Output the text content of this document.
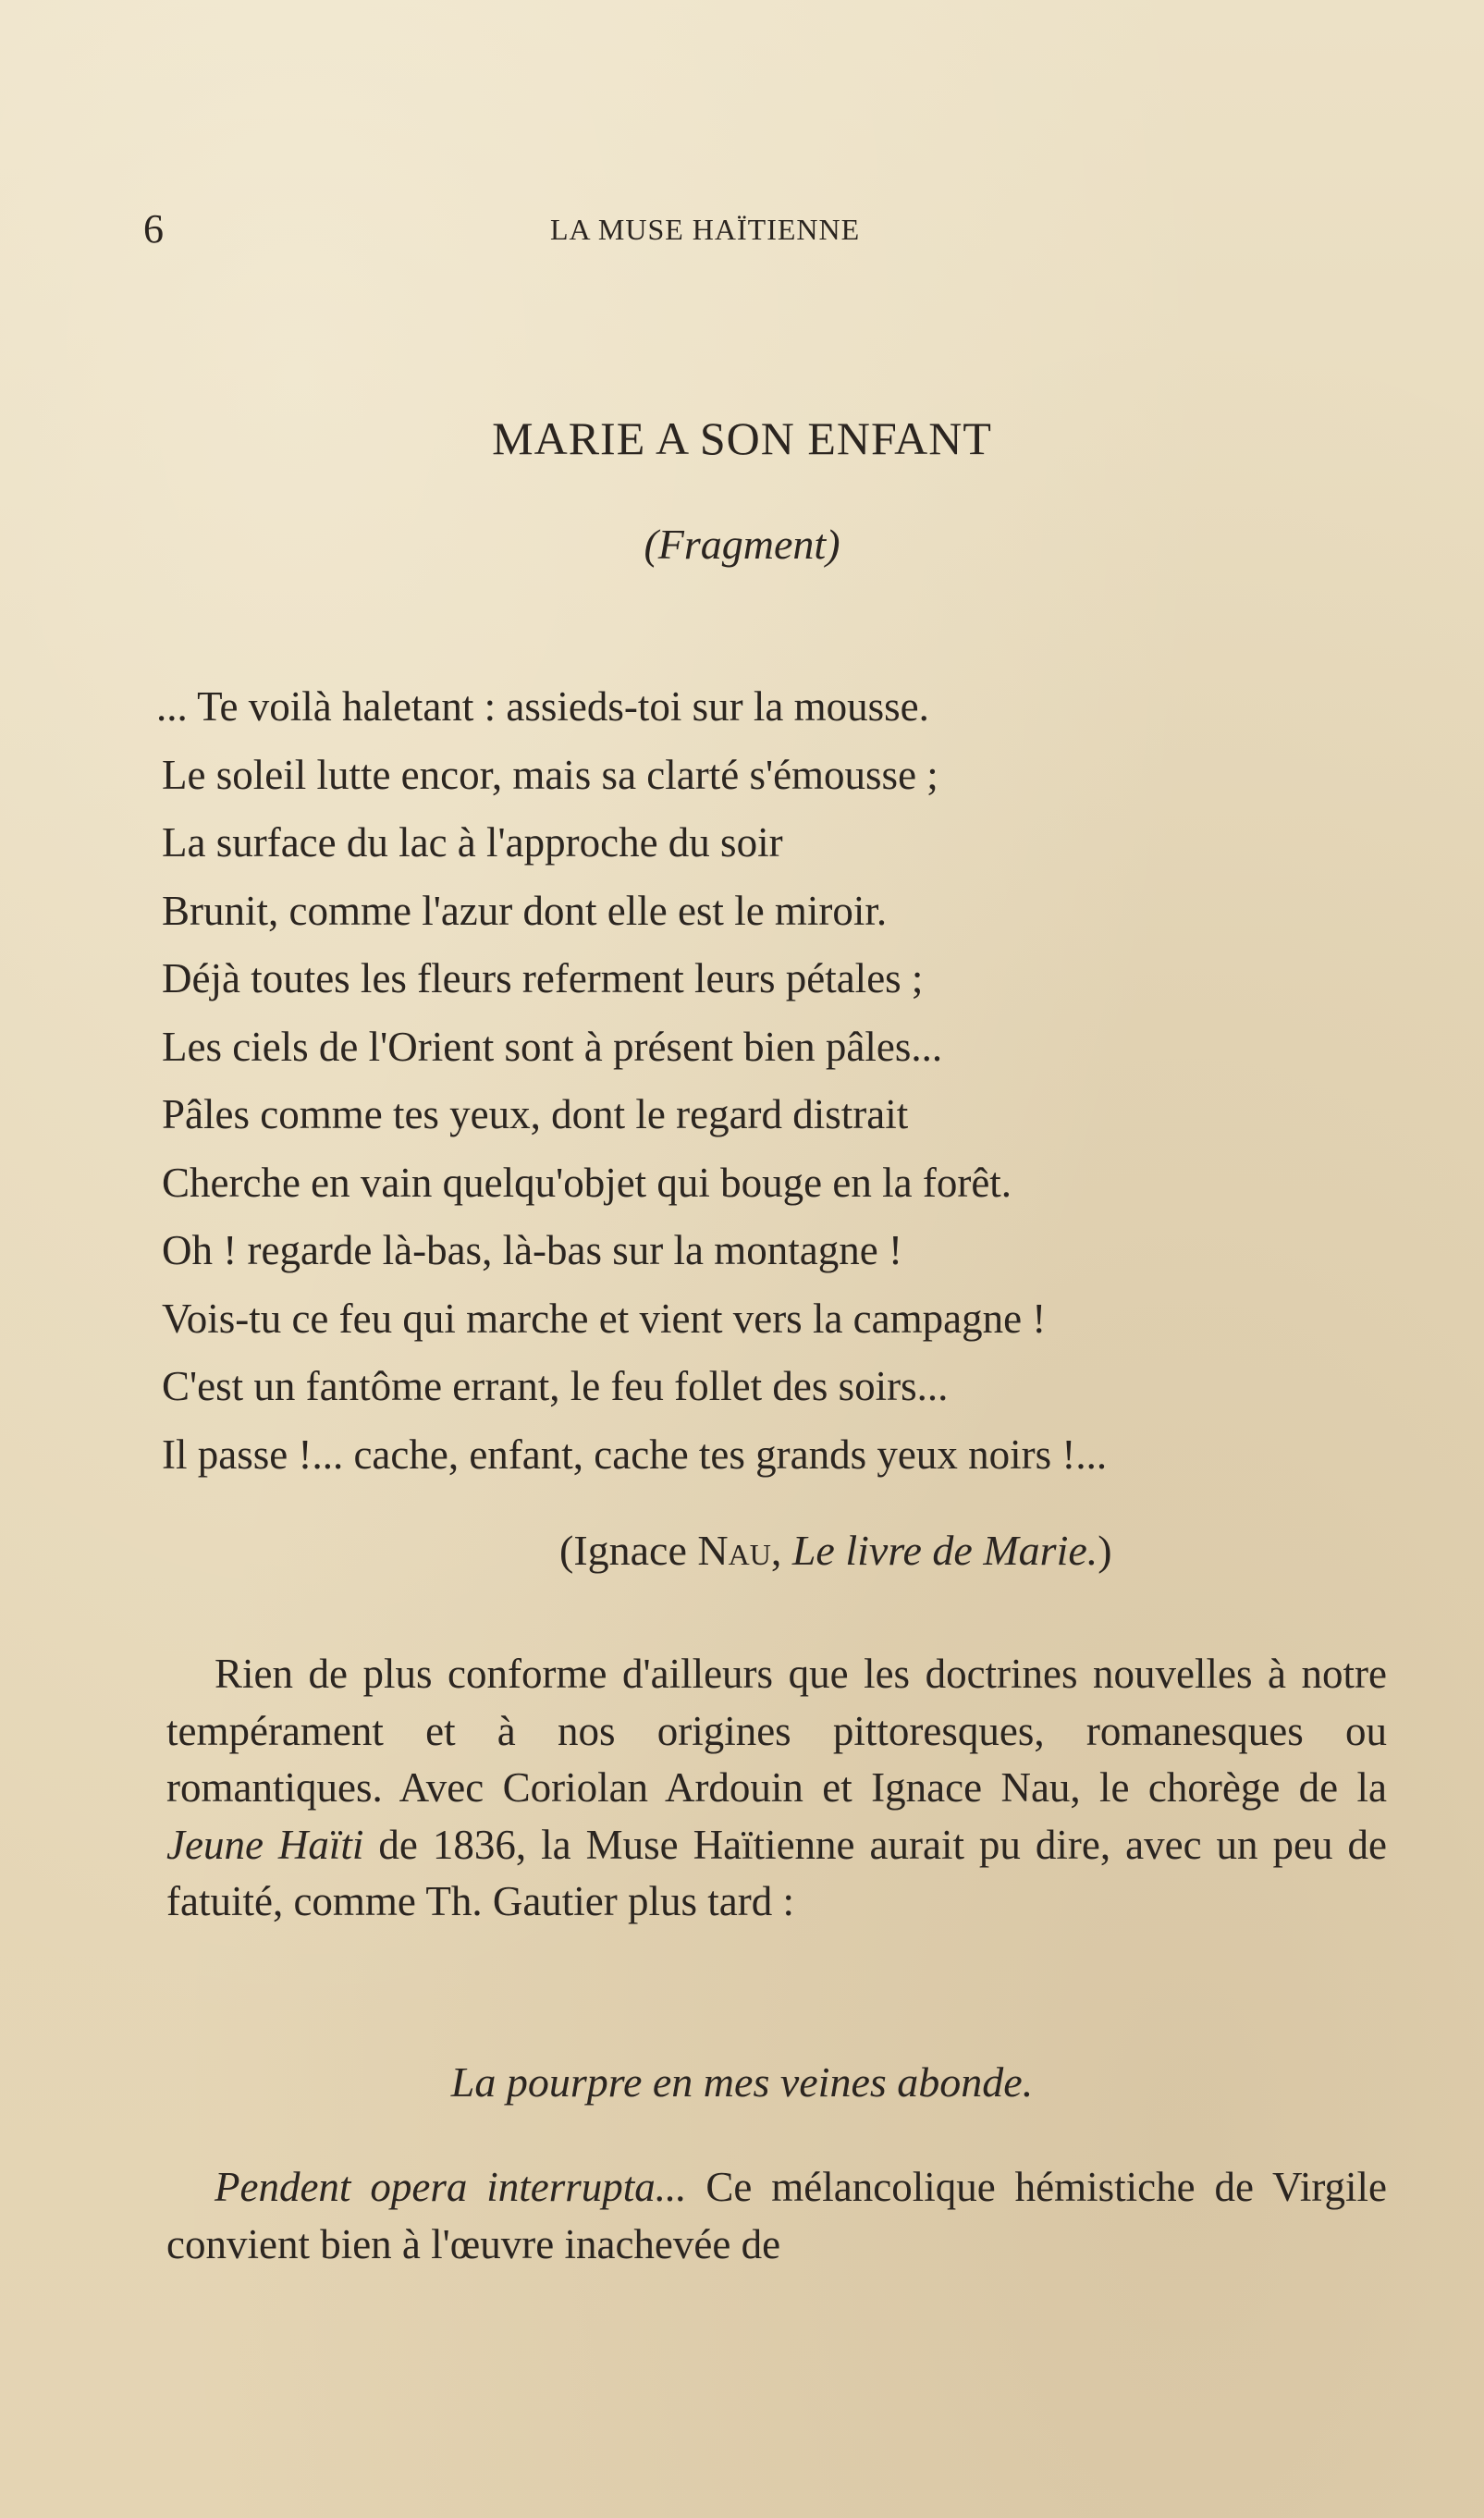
6	LA MUSE HAÏTIENNE
MARIE A SON ENFANT
(Fragment)
... Te voilà haletant : assieds-toi sur la mousse.
Le soleil lutte encor, mais sa clarté s'émousse ;
La surface du lac à l'approche du soir
Brunit, comme l'azur dont elle est le miroir.
Déjà toutes les fleurs referment leurs pétales ;
Les ciels de l'Orient sont à présent bien pâles...
Pâles comme tes yeux, dont le regard distrait
Cherche en vain quelqu'objet qui bouge en la forêt.
Oh ! regarde là-bas, là-bas sur la montagne !
Vois-tu ce feu qui marche et vient vers la campagne !
C'est un fantôme errant, le feu follet des soirs...
Il passe !... cache, enfant, cache tes grands yeux noirs !...
(Ignace Nau, Le livre de Marie.)
Rien de plus conforme d'ailleurs que les doctrines nouvelles à notre tempérament et à nos origines pittoresques, romanesques ou romantiques. Avec Coriolan Ardouin et Ignace Nau, le chorège de la Jeune Haïti de 1836, la Muse Haïtienne aurait pu dire, avec un peu de fatuité, comme Th. Gautier plus tard :
La pourpre en mes veines abonde.
Pendent opera interrupta... Ce mélancolique hémistiche de Virgile convient bien à l'œuvre inachevée de
